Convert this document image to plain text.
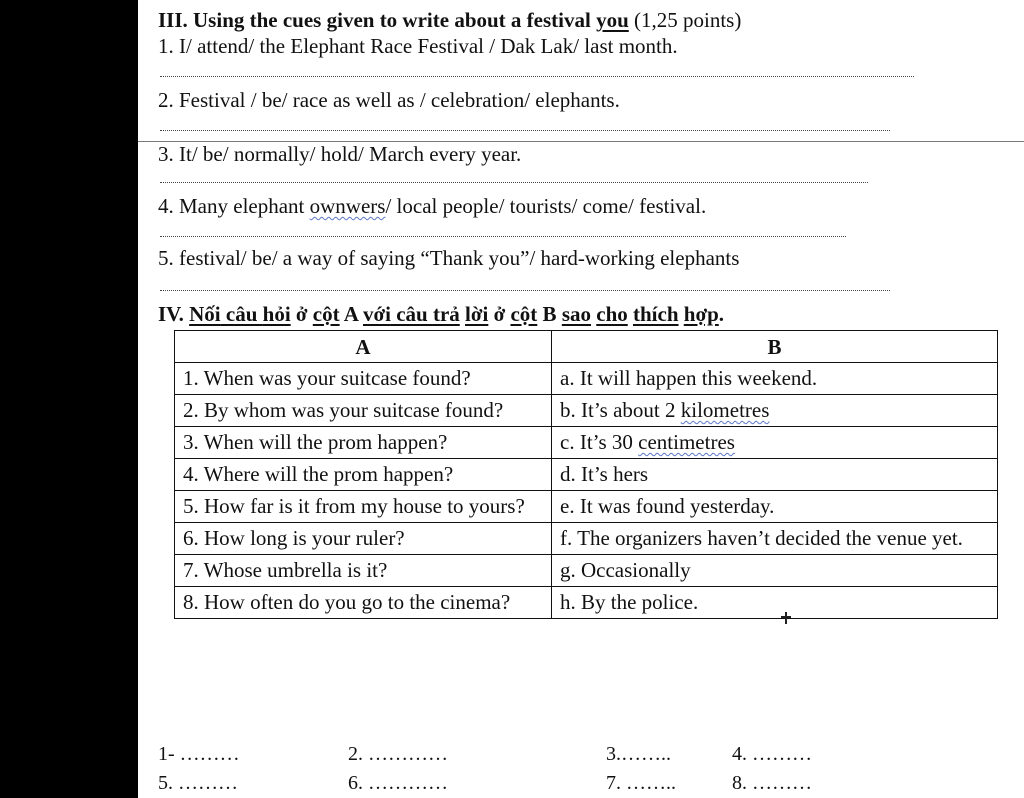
III. Using the cues given to write about a festival you (1,25 points)
1. I/ attend/ the Elephant Race Festival / Dak Lak/ last month.
2. Festival / be/ race as well as / celebration/ elephants.
3. It/ be/ normally/ hold/ March every year.
4. Many elephant ownwers/ local people/ tourists/ come/ festival.
5. festival/ be/ a way of saying “Thank you”/ hard-working elephants
IV. Nối câu hỏi ở cột A với câu trả lời ở cột B sao cho thích hợp.
A	B
1. When was your suitcase found?	a. It will happen this weekend.
2. By whom was your suitcase found?	b. It’s about 2 kilometres
3. When will the prom happen?	c. It’s 30 centimetres
4. Where will the prom happen?	d. It’s hers
5. How far is it from my house to yours?	e. It was found yesterday.
6. How long is your ruler?	f. The organizers haven’t decided the venue yet.
7. Whose umbrella is it?	g. Occasionally
8. How often do you go to the cinema?	h. By the police.
1- ………	2. …………	3.……..	4. ………
5. ………	6. …………	7. ……..	8. ………
